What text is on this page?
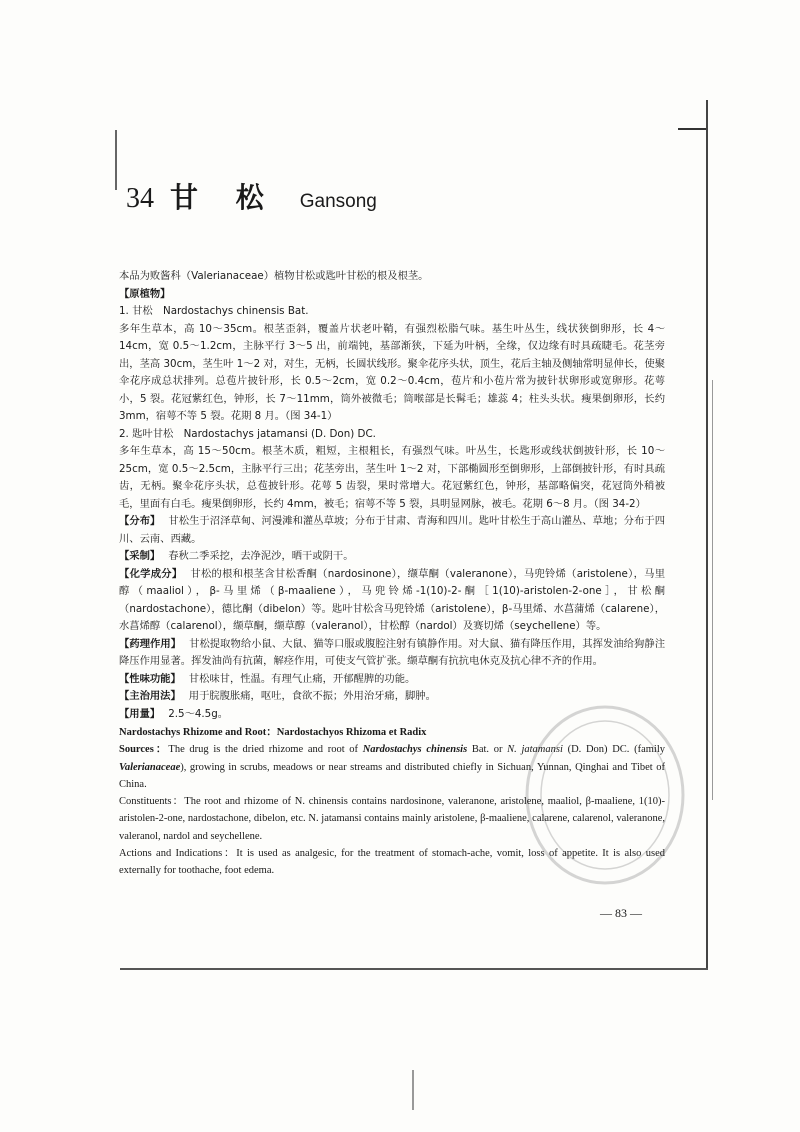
34 甘 松 Gansong

本品为败酱科（Valerianaceae）植物甘松或匙叶甘松的根及根茎。

【原植物】

1. 甘松　Nardostachys chinensis Bat.

多年生草本，高 10～35cm。根茎歪斜，覆盖片状老叶鞘，有强烈松脂气味。基生叶丛生，线状狭倒卵形，长 4～14cm，宽 0.5～1.2cm，主脉平行 3～5 出，前端钝，基部渐狭，下延为叶柄，全缘，仅边缘有时具疏睫毛。花茎旁出，茎高 30cm，茎生叶 1～2 对，对生，无柄，长圆状线形。聚伞花序头状，顶生，花后主轴及侧轴常明显伸长，使聚伞花序成总状排列。总苞片披针形，长 0.5～2cm，宽 0.2～0.4cm，苞片和小苞片常为披针状卵形或宽卵形。花萼小，5 裂。花冠紫红色，钟形，长 7～11mm，筒外被微毛；筒喉部是长髯毛；雄蕊 4；柱头头状。瘦果倒卵形，长约 3mm，宿萼不等 5 裂。花期 8 月。（图 34-1）

2. 匙叶甘松　Nardostachys jatamansi (D. Don) DC.

多年生草本，高 15～50cm。根茎木质，粗短，主根粗长，有强烈气味。叶丛生，长匙形或线状倒披针形，长 10～25cm，宽 0.5～2.5cm，主脉平行三出；花茎旁出，茎生叶 1～2 对，下部椭圆形至倒卵形，上部倒披针形，有时具疏齿，无柄。聚伞花序头状，总苞披针形。花萼 5 齿裂，果时常增大。花冠紫红色，钟形，基部略偏突，花冠筒外稍被毛，里面有白毛。瘦果倒卵形，长约 4mm，被毛；宿萼不等 5 裂，具明显网脉，被毛。花期 6～8 月。（图 34-2）

【分布】 甘松生于沼泽草甸、河漫滩和灌丛草坡；分布于甘肃、青海和四川。匙叶甘松生于高山灌丛、草地；分布于四川、云南、西藏。

【采制】 春秋二季采挖，去净泥沙，晒干或阴干。

【化学成分】 甘松的根和根茎含甘松香酮（nardosinone），缬草酮（valeranone），马兜铃烯（aristolene），马里醇（maaliol），β-马里烯（β-maaliene），马兜铃烯-1(10)-2-酮［1(10)-aristolen-2-one］，甘松酮（nardostachone），德比酮（dibelon）等。匙叶甘松含马兜铃烯（aristolene），β-马里烯、水菖蒲烯（calarene），水菖烯醇（calarenol），缬草酮，缬草醇（valeranol），甘松醇（nardol）及赛切烯（seychellene）等。

【药理作用】 甘松提取物给小鼠、大鼠、猫等口服或腹腔注射有镇静作用。对大鼠、猫有降压作用，其挥发油给狗静注降压作用显著。挥发油尚有抗菌，解痉作用，可使支气管扩张。缬草酮有抗抗电休克及抗心律不齐的作用。

【性味功能】 甘松味甘，性温。有理气止痛，开郁醒脾的功能。

【主治用法】 用于脘腹胀痛，呕吐，食欲不振；外用治牙痛，脚肿。

【用量】 2.5～4.5g。

Nardostachys Rhizome and Root：Nardostachyos Rhizoma et Radix

Sources：The drug is the dried rhizome and root of Nardostachys chinensis Bat. or N. jatamansi (D. Don) DC. (family Valerianaceae), growing in scrubs, meadows or near streams and distributed chiefly in Sichuan, Yunnan, Qinghai and Tibet of China.

Constituents：The root and rhizome of N. chinensis contains nardosinone, valeranone, aristolene, maaliol, β-maaliene, 1(10)-aristolen-2-one, nardostachone, dibelon, etc. N. jatamansi contains mainly aristolene, β-maaliene, calarene, calarenol, valeranone, valeranol, nardol and seychellene.

Actions and Indications：It is used as analgesic, for the treatment of stomach-ache, vomit, loss of appetite. It is also used externally for toothache, foot edema.

— 83 —
